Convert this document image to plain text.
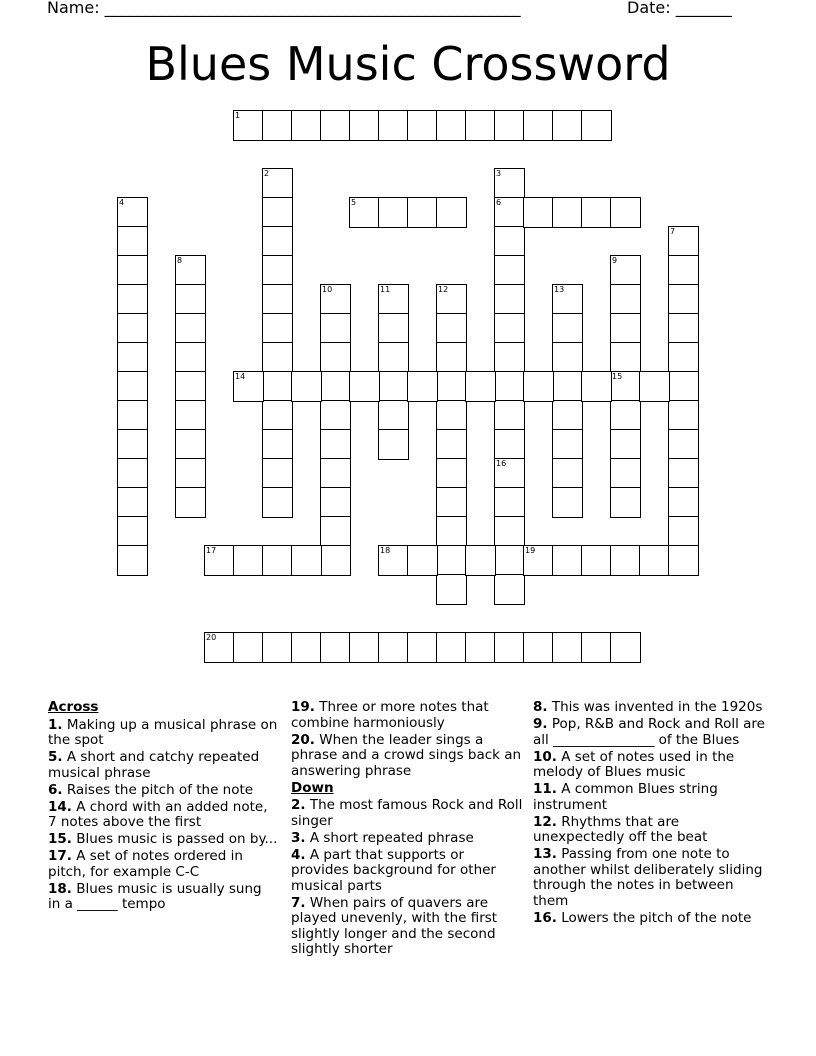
Name: ____________________________________________________	Date: _______
Blues Music Crossword
1
2	3
6
16
4	5
7
8	9
15
10	11	12	13
14
17	18	19
20
Across
1. Making up a musical phrase on the spot
5. A short and catchy repeated musical phrase
6. Raises the pitch of the note
14. A chord with an added note, 7 notes above the first
15. Blues music is passed on by...
17. A set of notes ordered in pitch, for example C-C
18. Blues music is usually sung in a ______ tempo
19. Three or more notes that combine harmoniously
20. When the leader sings a phrase and a crowd sings back an answering phrase
Down
2. The most famous Rock and Roll singer
3. A short repeated phrase
4. A part that supports or provides background for other musical parts
7. When pairs of quavers are played unevenly, with the first slightly longer and the second slightly shorter
8. This was invented in the 1920s
9. Pop, R&B and Rock and Roll are all _______________ of the Blues
10. A set of notes used in the melody of Blues music
11. A common Blues string instrument
12. Rhythms that are unexpectedly off the beat
13. Passing from one note to another whilst deliberately sliding through the notes in between them
16. Lowers the pitch of the note
